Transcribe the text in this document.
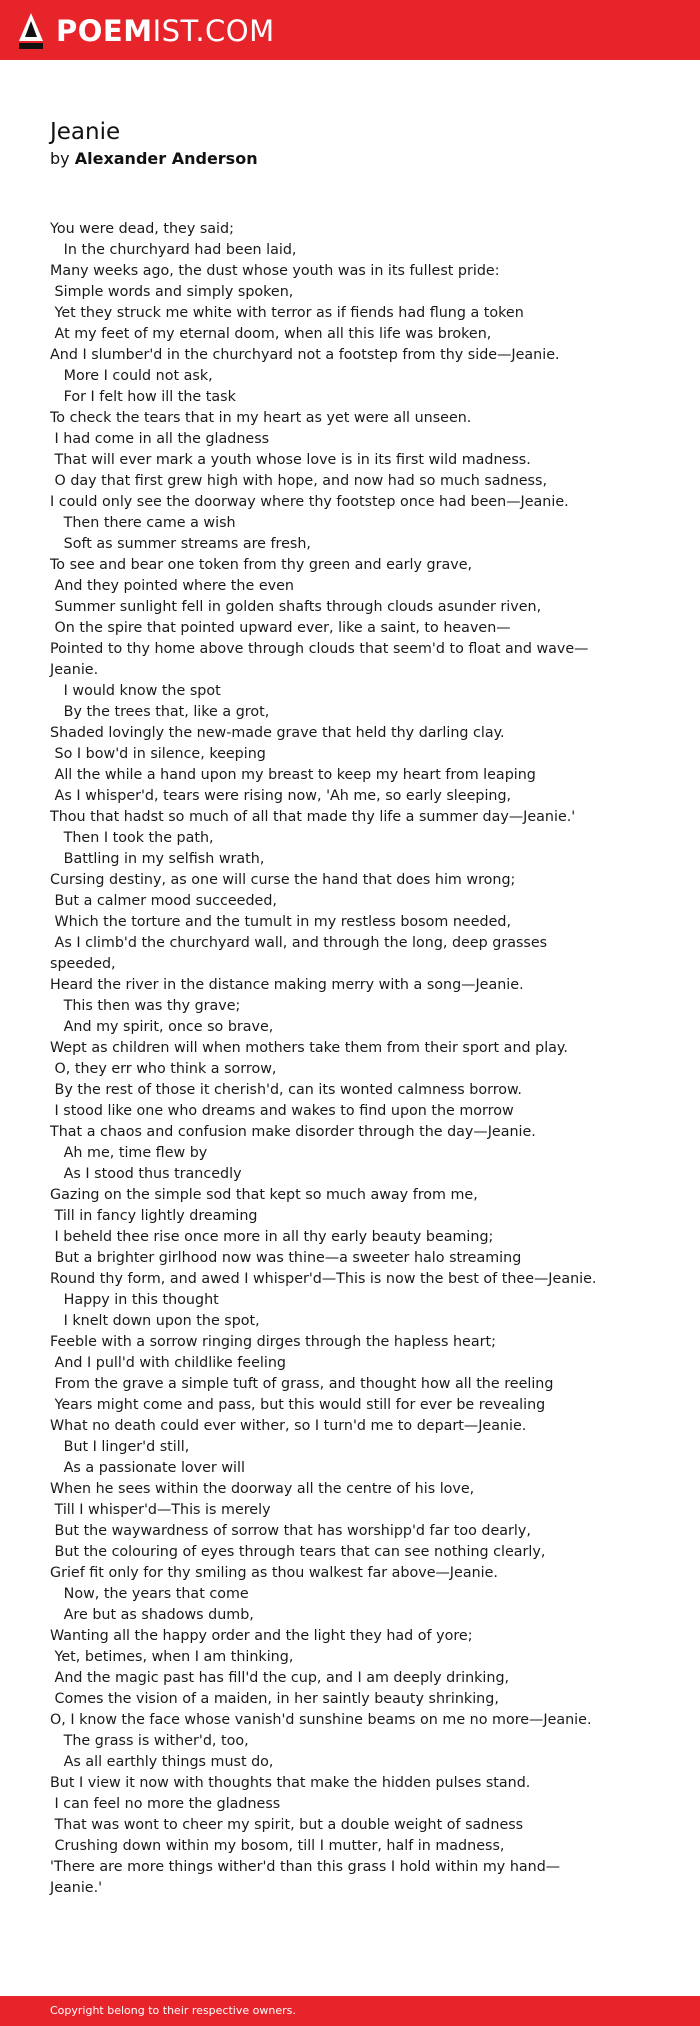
POEMIST.COM
Jeanie
by Alexander Anderson
You were dead, they said;
In the churchyard had been laid,
Many weeks ago, the dust whose youth was in its fullest pride:
Simple words and simply spoken,
Yet they struck me white with terror as if fiends had flung a token
At my feet of my eternal doom, when all this life was broken,
And I slumber'd in the churchyard not a footstep from thy side—Jeanie.
More I could not ask,
For I felt how ill the task
To check the tears that in my heart as yet were all unseen.
I had come in all the gladness
That will ever mark a youth whose love is in its first wild madness.
O day that first grew high with hope, and now had so much sadness,
I could only see the doorway where thy footstep once had been—Jeanie.
Then there came a wish
Soft as summer streams are fresh,
To see and bear one token from thy green and early grave,
And they pointed where the even
Summer sunlight fell in golden shafts through clouds asunder riven,
On the spire that pointed upward ever, like a saint, to heaven—
Pointed to thy home above through clouds that seem'd to float and wave—Jeanie.
I would know the spot
By the trees that, like a grot,
Shaded lovingly the new-made grave that held thy darling clay.
So I bow'd in silence, keeping
All the while a hand upon my breast to keep my heart from leaping
As I whisper'd, tears were rising now, 'Ah me, so early sleeping,
Thou that hadst so much of all that made thy life a summer day—Jeanie.'
Then I took the path,
Battling in my selfish wrath,
Cursing destiny, as one will curse the hand that does him wrong;
But a calmer mood succeeded,
Which the torture and the tumult in my restless bosom needed,
As I climb'd the churchyard wall, and through the long, deep grasses speeded,
Heard the river in the distance making merry with a song—Jeanie.
This then was thy grave;
And my spirit, once so brave,
Wept as children will when mothers take them from their sport and play.
O, they err who think a sorrow,
By the rest of those it cherish'd, can its wonted calmness borrow.
I stood like one who dreams and wakes to find upon the morrow
That a chaos and confusion make disorder through the day—Jeanie.
Ah me, time flew by
As I stood thus trancedly
Gazing on the simple sod that kept so much away from me,
Till in fancy lightly dreaming
I beheld thee rise once more in all thy early beauty beaming;
But a brighter girlhood now was thine—a sweeter halo streaming
Round thy form, and awed I whisper'd—This is now the best of thee—Jeanie.
Happy in this thought
I knelt down upon the spot,
Feeble with a sorrow ringing dirges through the hapless heart;
And I pull'd with childlike feeling
From the grave a simple tuft of grass, and thought how all the reeling
Years might come and pass, but this would still for ever be revealing
What no death could ever wither, so I turn'd me to depart—Jeanie.
But I linger'd still,
As a passionate lover will
When he sees within the doorway all the centre of his love,
Till I whisper'd—This is merely
But the waywardness of sorrow that has worshipp'd far too dearly,
But the colouring of eyes through tears that can see nothing clearly,
Grief fit only for thy smiling as thou walkest far above—Jeanie.
Now, the years that come
Are but as shadows dumb,
Wanting all the happy order and the light they had of yore;
Yet, betimes, when I am thinking,
And the magic past has fill'd the cup, and I am deeply drinking,
Comes the vision of a maiden, in her saintly beauty shrinking,
O, I know the face whose vanish'd sunshine beams on me no more—Jeanie.
The grass is wither'd, too,
As all earthly things must do,
But I view it now with thoughts that make the hidden pulses stand.
I can feel no more the gladness
That was wont to cheer my spirit, but a double weight of sadness
Crushing down within my bosom, till I mutter, half in madness,
'There are more things wither'd than this grass I hold within my hand—Jeanie.'
Copyright belong to their respective owners.
